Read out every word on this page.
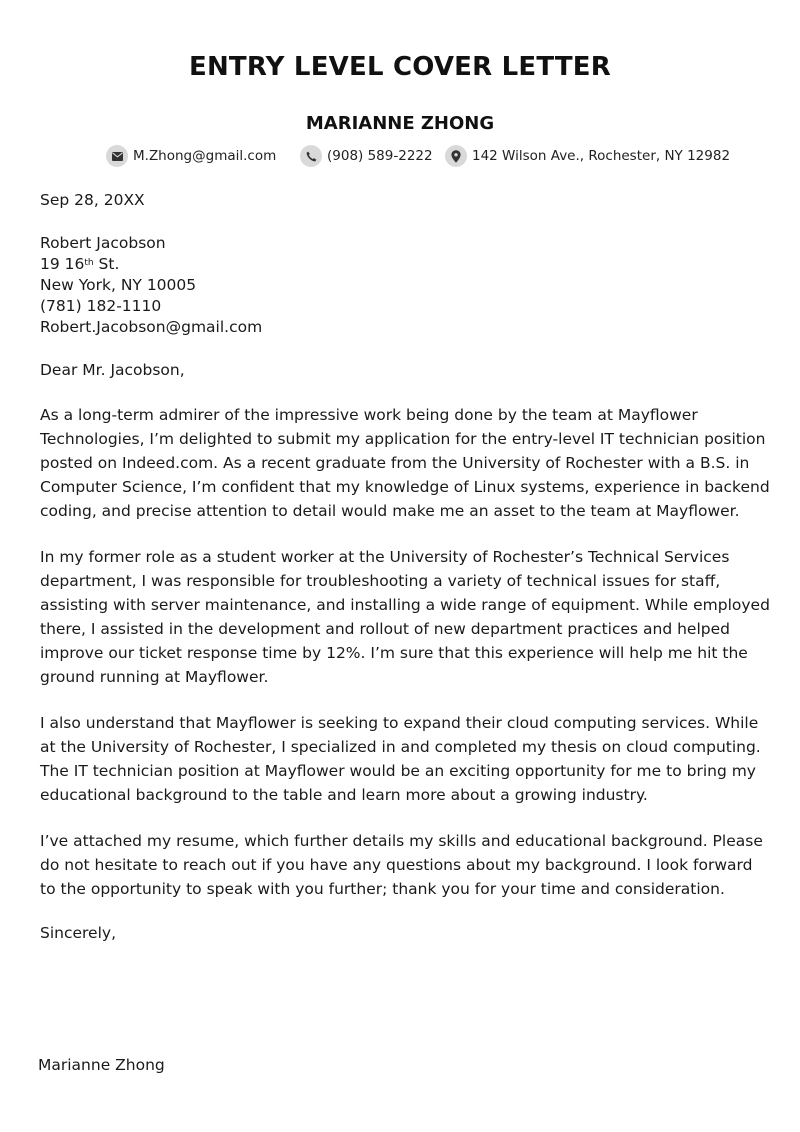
ENTRY LEVEL COVER LETTER
MARIANNE ZHONG
M.Zhong@gmail.com	(908) 589-2222	142 Wilson Ave., Rochester, NY 12982
Sep 28, 20XX
Robert Jacobson
19 16th St.
New York, NY 10005
(781) 182-1110
Robert.Jacobson@gmail.com
Dear Mr. Jacobson,

As a long-term admirer of the impressive work being done by the team at Mayflower Technologies, I’m delighted to submit my application for the entry-level IT technician position posted on Indeed.com. As a recent graduate from the University of Rochester with a B.S. in Computer Science, I’m confident that my knowledge of Linux systems, experience in backend coding, and precise attention to detail would make me an asset to the team at Mayflower.

In my former role as a student worker at the University of Rochester’s Technical Services department, I was responsible for troubleshooting a variety of technical issues for staff, assisting with server maintenance, and installing a wide range of equipment. While employed there, I assisted in the development and rollout of new department practices and helped improve our ticket response time by 12%. I’m sure that this experience will help me hit the ground running at Mayflower.

I also understand that Mayflower is seeking to expand their cloud computing services. While at the University of Rochester, I specialized in and completed my thesis on cloud computing. The IT technician position at Mayflower would be an exciting opportunity for me to bring my educational background to the table and learn more about a growing industry.

I’ve attached my resume, which further details my skills and educational background. Please do not hesitate to reach out if you have any questions about my background. I look forward to the opportunity to speak with you further; thank you for your time and consideration.

Sincerely,
Marianne Zhong
